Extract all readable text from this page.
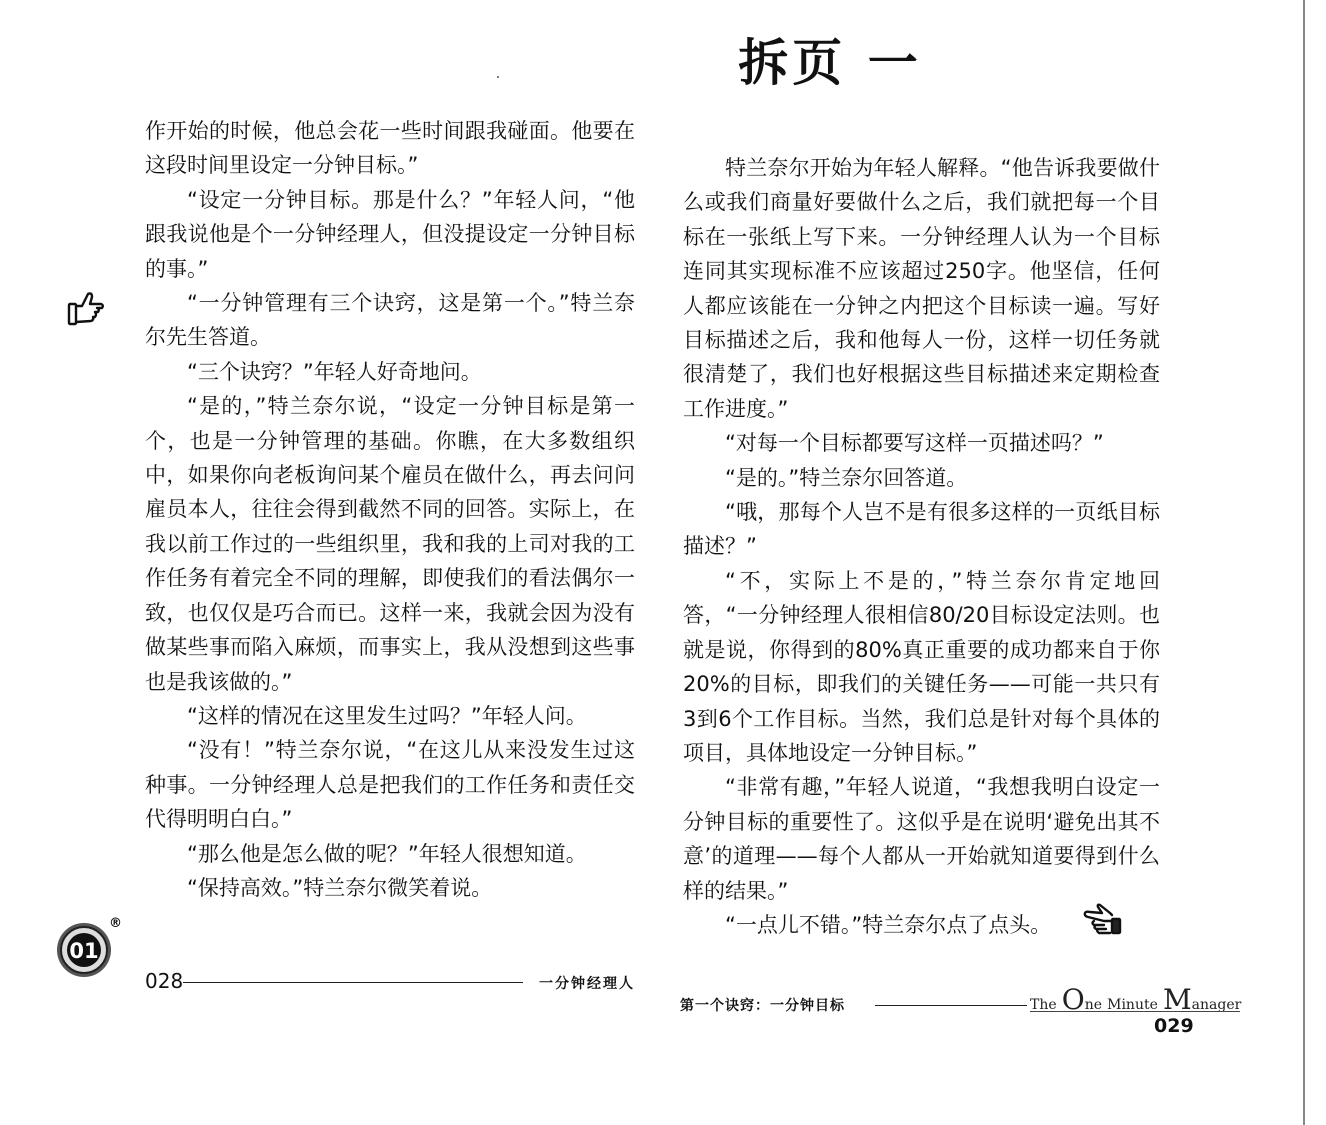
拆页 一

作开始的时候，他总会花一些时间跟我碰面。他要在这段时间里设定一分钟目标。”

“设定一分钟目标。那是什么？”年轻人问，“他跟我说他是个一分钟经理人，但没提设定一分钟目标的事。”

“一分钟管理有三个诀窍，这是第一个。”特兰奈尔先生答道。

“三个诀窍？”年轻人好奇地问。

“是的，”特兰奈尔说，“设定一分钟目标是第一个，也是一分钟管理的基础。你瞧，在大多数组织中，如果你向老板询问某个雇员在做什么，再去问问雇员本人，往往会得到截然不同的回答。实际上，在我以前工作过的一些组织里，我和我的上司对我的工作任务有着完全不同的理解，即使我们的看法偶尔一致，也仅仅是巧合而已。这样一来，我就会因为没有做某些事而陷入麻烦，而事实上，我从没想到这些事也是我该做的。”

“这样的情况在这里发生过吗？”年轻人问。

“没有！”特兰奈尔说，“在这儿从来没发生过这种事。一分钟经理人总是把我们的工作任务和责任交代得明明白白。”

“那么他是怎么做的呢？”年轻人很想知道。

“保持高效。”特兰奈尔微笑着说。

特兰奈尔开始为年轻人解释。“他告诉我要做什么或我们商量好要做什么之后，我们就把每一个目标在一张纸上写下来。一分钟经理人认为一个目标连同其实现标准不应该超过250字。他坚信，任何人都应该能在一分钟之内把这个目标读一遍。写好目标描述之后，我和他每人一份，这样一切任务就很清楚了，我们也好根据这些目标描述来定期检查工作进度。”

“对每一个目标都要写这样一页描述吗？”

“是的。”特兰奈尔回答道。

“哦，那每个人岂不是有很多这样的一页纸目标描述？”

“不，实际上不是的，”特兰奈尔肯定地回答，“一分钟经理人很相信80/20目标设定法则。也就是说，你得到的80%真正重要的成功都来自于你20%的目标，即我们的关键任务——可能一共只有3到6个工作目标。当然，我们总是针对每个具体的项目，具体地设定一分钟目标。”

“非常有趣，”年轻人说道，“我想我明白设定一分钟目标的重要性了。这似乎是在说明‘避免出其不意’的道理——每个人都从一开始就知道要得到什么样的结果。”

“一点儿不错。”特兰奈尔点了点头。

01
®
028	一分钟经理人
第一个诀窍：一分钟目标	The One Minute Manager
029
